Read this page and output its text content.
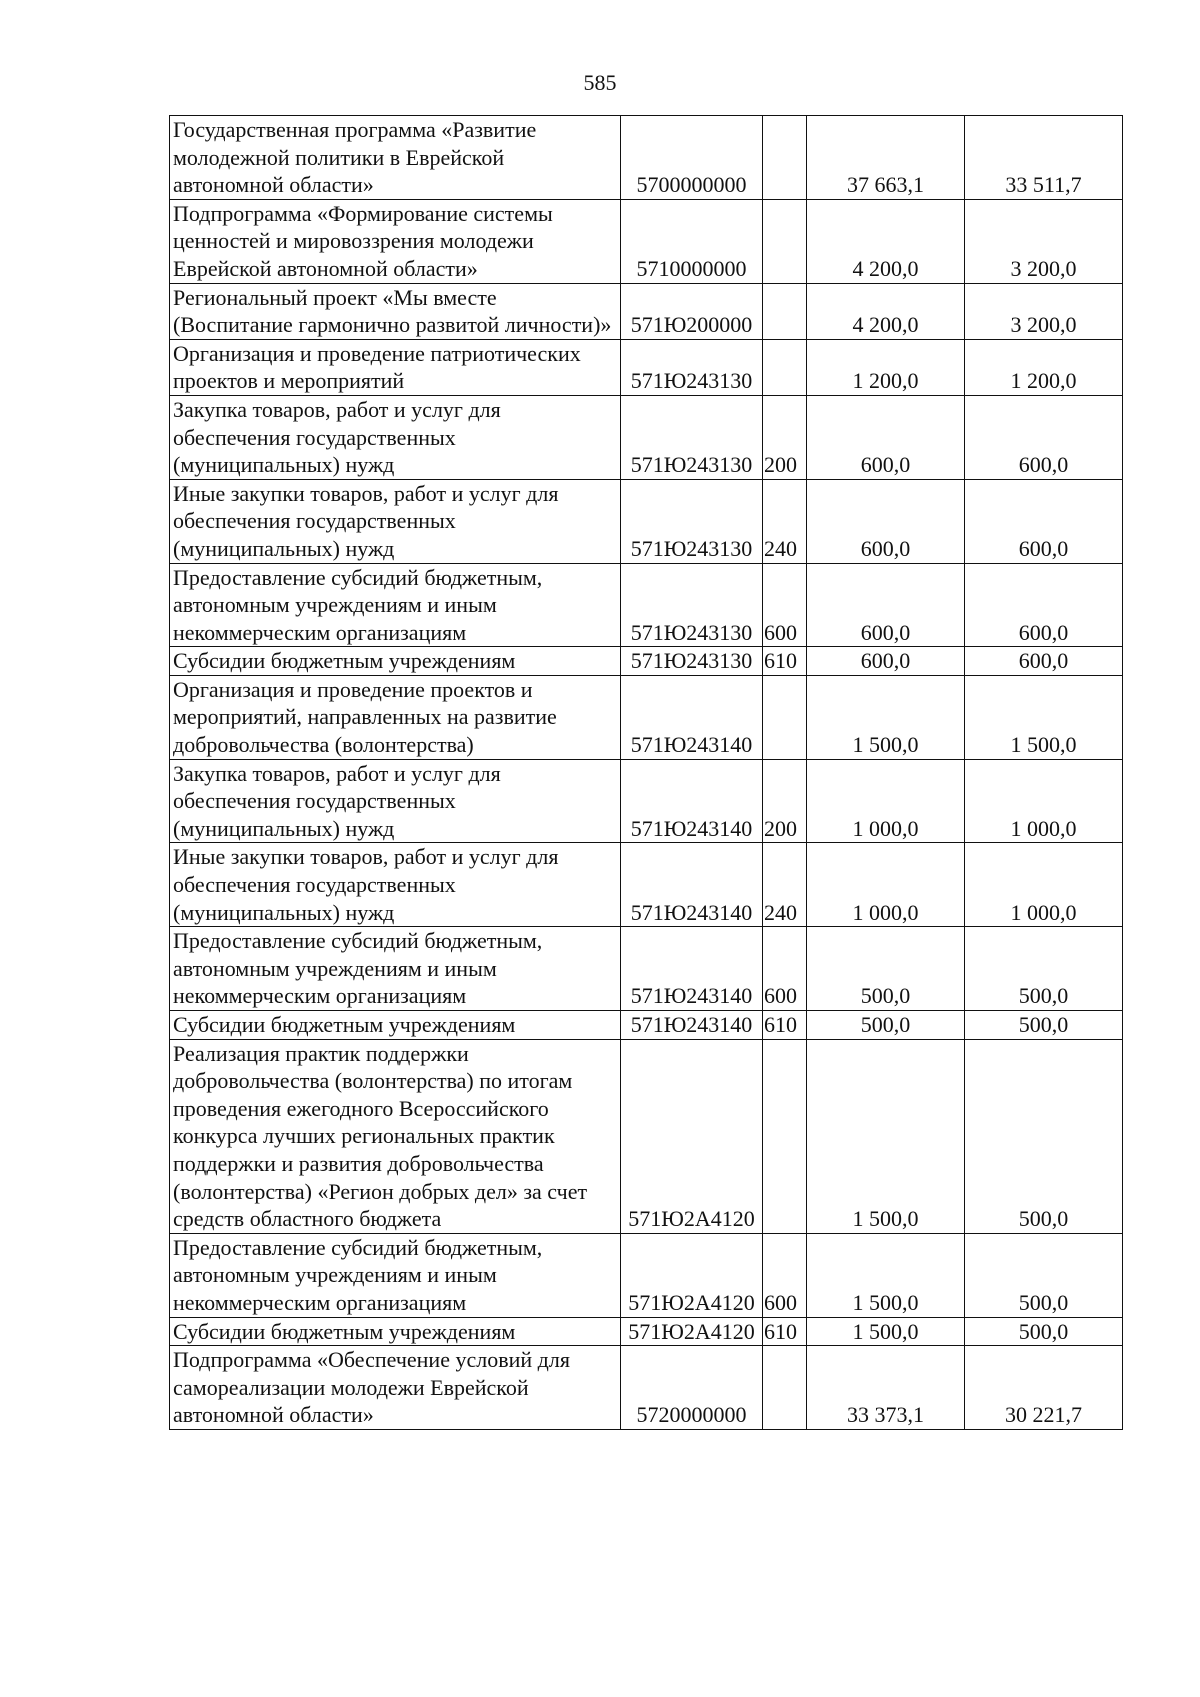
585
Государственная программа «Развитие молодежной политики в Еврейской автономной области»	5700000000		37 663,1	33 511,7
Подпрограмма «Формирование системы ценностей и мировоззрения молодежи Еврейской автономной области»	5710000000		4 200,0	3 200,0
Региональный проект «Мы вместе (Воспитание гармонично развитой личности)»	571Ю200000		4 200,0	3 200,0
Организация и проведение патриотических проектов и мероприятий	571Ю243130		1 200,0	1 200,0
Закупка товаров, работ и услуг для обеспечения государственных (муниципальных) нужд	571Ю243130	200	600,0	600,0
Иные закупки товаров, работ и услуг для обеспечения государственных (муниципальных) нужд	571Ю243130	240	600,0	600,0
Предоставление субсидий бюджетным, автономным учреждениям и иным некоммерческим организациям	571Ю243130	600	600,0	600,0
Субсидии бюджетным учреждениям	571Ю243130	610	600,0	600,0
Организация и проведение проектов и мероприятий, направленных на развитие добровольчества (волонтерства)	571Ю243140		1 500,0	1 500,0
Закупка товаров, работ и услуг для обеспечения государственных (муниципальных) нужд	571Ю243140	200	1 000,0	1 000,0
Иные закупки товаров, работ и услуг для обеспечения государственных (муниципальных) нужд	571Ю243140	240	1 000,0	1 000,0
Предоставление субсидий бюджетным, автономным учреждениям и иным некоммерческим организациям	571Ю243140	600	500,0	500,0
Субсидии бюджетным учреждениям	571Ю243140	610	500,0	500,0
Реализация практик поддержки добровольчества (волонтерства) по итогам проведения ежегодного Всероссийского конкурса лучших региональных практик поддержки и развития добровольчества (волонтерства) «Регион добрых дел» за счет средств областного бюджета	571Ю2А4120		1 500,0	500,0
Предоставление субсидий бюджетным, автономным учреждениям и иным некоммерческим организациям	571Ю2А4120	600	1 500,0	500,0
Субсидии бюджетным учреждениям	571Ю2А4120	610	1 500,0	500,0
Подпрограмма «Обеспечение условий для самореализации молодежи Еврейской автономной области»	5720000000		33 373,1	30 221,7
